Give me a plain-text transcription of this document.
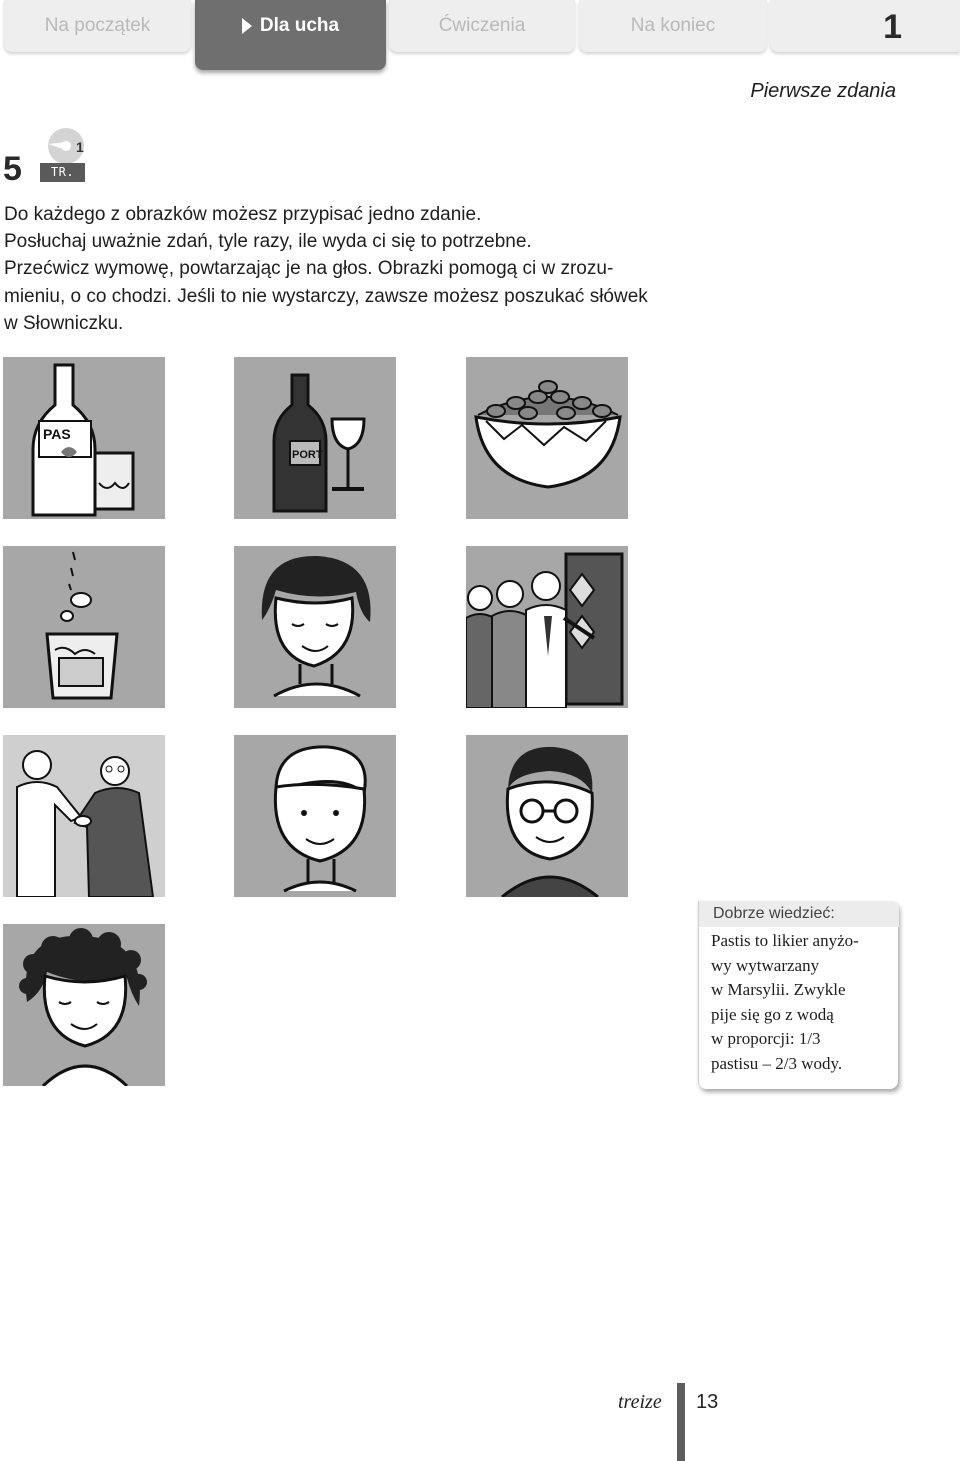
Na początek	Dla ucha	Ćwiczenia	Na koniec	1
Pierwsze zdania
5
1
TR. 04

Do każdego z obrazków możesz przypisać jedno zdanie.

Posłuchaj uważnie zdań, tyle razy, ile wyda ci się to potrzebne.

Przećwicz wymowę, powtarzając je na głos. Obrazki pomogą ci w zrozu-

mieniu, o co chodzi. Jeśli to nie wystarczy, zawsze możesz poszukać słówek

w Słowniczku.

PAS
PORT
Dobrze wiedzieć:

Pastis to likier anyżo-

wy wytwarzany

w Marsylii. Zwykle

pije się go z wodą

w proporcji: 1/3

pastisu – 2/3 wody.

treize 13
